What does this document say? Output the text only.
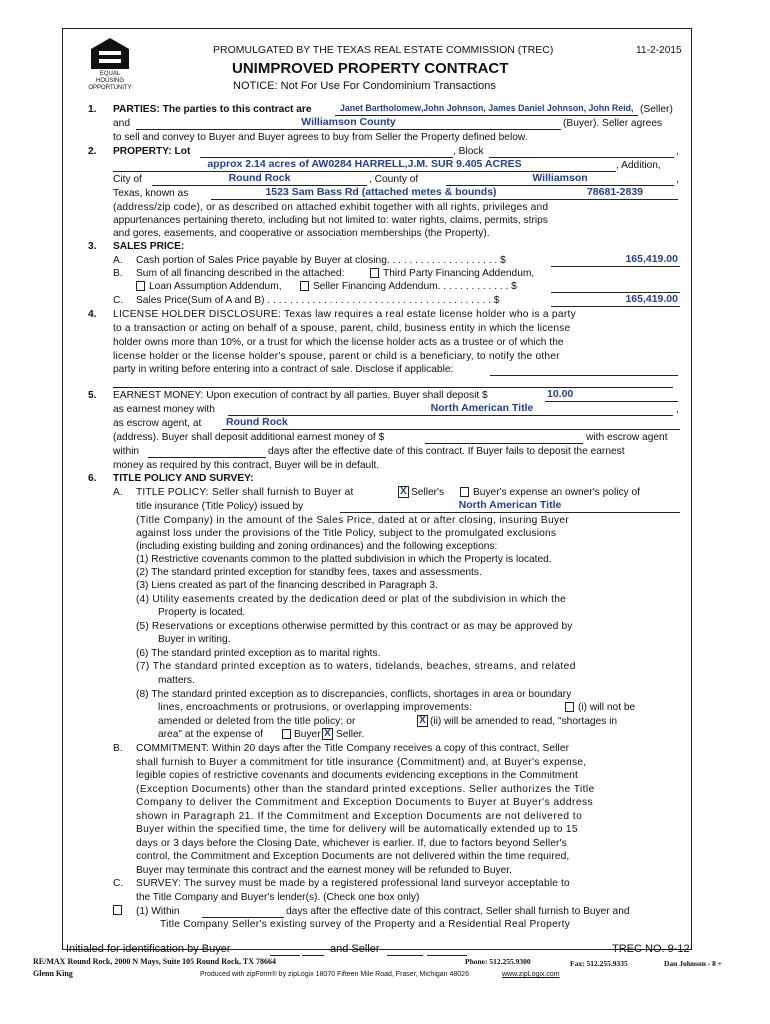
EQUAL HOUSING OPPORTUNITY
PROMULGATED BY THE TEXAS REAL ESTATE COMMISSION (TREC)	11-2-2015
UNIMPROVED PROPERTY CONTRACT
NOTICE: Not For Use For Condominium Transactions
1. PARTIES: The parties to this contract are	Janet Bartholomew,John Johnson, James Daniel Johnson, John Reid, (Seller)
and	Williamson County	(Buyer). Seller agrees
to sell and convey to Buyer and Buyer agrees to buy from Seller the Property defined below.
2. PROPERTY: Lot	, Block	,
approx 2.14 acres of AW0284 HARRELL,J.M. SUR 9.405 ACRES	, Addition,
City of	Round Rock	, County of	Williamson	,
Texas, known as	1523 Sam Bass Rd (attached metes & bounds)	78681-2839
(address/zip code), or as described on attached exhibit together with all rights, privileges and
appurtenances pertaining thereto, including but not limited to: water rights, claims, permits, strips
and gores, easements, and cooperative or association memberships (the Property).
3. SALES PRICE:
A. Cash portion of Sales Price payable by Buyer at closing. . . . . . . . . . . . . . . . . . . . $	165,419.00
B. Sum of all financing described in the attached:	Third Party Financing Addendum,
Loan Assumption Addendum,	Seller Financing Addendum. . . . . . . . . . . . . $
C. Sales Price(Sum of A and B) . . . . . . . . . . . . . . . . . . . . . . . . . . . . . . . . . . . . . . . . $	165,419.00
4. LICENSE HOLDER DISCLOSURE: Texas law requires a real estate license holder who is a party
to a transaction or acting on behalf of a spouse, parent, child, business entity in which the license
holder owns more than 10%, or a trust for which the license holder acts as a trustee or of which the
license holder or the license holder's spouse, parent or child is a beneficiary, to notify the other
party in writing before entering into a contract of sale. Disclose if applicable:
5. EARNEST MONEY: Upon execution of contract by all parties, Buyer shall deposit $	10.00
as earnest money with	North American Title	,
as escrow agent, at Round Rock
(address). Buyer shall deposit additional earnest money of $	with escrow agent
within	days after the effective date of this contract. If Buyer fails to deposit the earnest
money as required by this contract, Buyer will be in default.
6. TITLE POLICY AND SURVEY:
A. TITLE POLICY: Seller shall furnish to Buyer at	X Seller's	Buyer's expense an owner's policy of
title insurance (Title Policy) issued by	North American Title
(Title Company) in the amount of the Sales Price, dated at or after closing, insuring Buyer
against loss under the provisions of the Title Policy, subject to the promulgated exclusions
(including existing building and zoning ordinances) and the following exceptions:
(1) Restrictive covenants common to the platted subdivision in which the Property is located.
(2) The standard printed exception for standby fees, taxes and assessments.
(3) Liens created as part of the financing described in Paragraph 3.
(4) Utility easements created by the dedication deed or plat of the subdivision in which the
Property is located.
(5) Reservations or exceptions otherwise permitted by this contract or as may be approved by
Buyer in writing.
(6) The standard printed exception as to marital rights.
(7) The standard printed exception as to waters, tidelands, beaches, streams, and related
matters.
(8) The standard printed exception as to discrepancies, conflicts, shortages in area or boundary
lines, encroachments or protrusions, or overlapping improvements:	(i) will not be
amended or deleted from the title policy; or	X (ii) will be amended to read, "shortages in
area" at the expense of	Buyer X Seller.
B. COMMITMENT: Within 20 days after the Title Company receives a copy of this contract, Seller
shall furnish to Buyer a commitment for title insurance (Commitment) and, at Buyer's expense,
legible copies of restrictive covenants and documents evidencing exceptions in the Commitment
(Exception Documents) other than the standard printed exceptions. Seller authorizes the Title
Company to deliver the Commitment and Exception Documents to Buyer at Buyer's address
shown in Paragraph 21. If the Commitment and Exception Documents are not delivered to
Buyer within the specified time, the time for delivery will be automatically extended up to 15
days or 3 days before the Closing Date, whichever is earlier. If, due to factors beyond Seller's
control, the Commitment and Exception Documents are not delivered within the time required,
Buyer may terminate this contract and the earnest money will be refunded to Buyer.
C. SURVEY: The survey must be made by a registered professional land surveyor acceptable to
the Title Company and Buyer's lender(s). (Check one box only)
(1) Within	days after the effective date of this contract, Seller shall furnish to Buyer and
Title Company Seller's existing survey of the Property and a Residential Real Property
Initialed for identification by Buyer	and Seller	TREC NO. 9-12
RE/MAX Round Rock, 2000 N Mays, Suite 105 Round Rock, TX 78664	Phone: 512.255.9300	Fax: 512.255.9335	Dan Johnson - 8 +
Glenn King	Produced with zipForm® by zipLogix 18070 Fifteen Mile Road, Fraser, Michigan 48026	www.zipLogix.com
